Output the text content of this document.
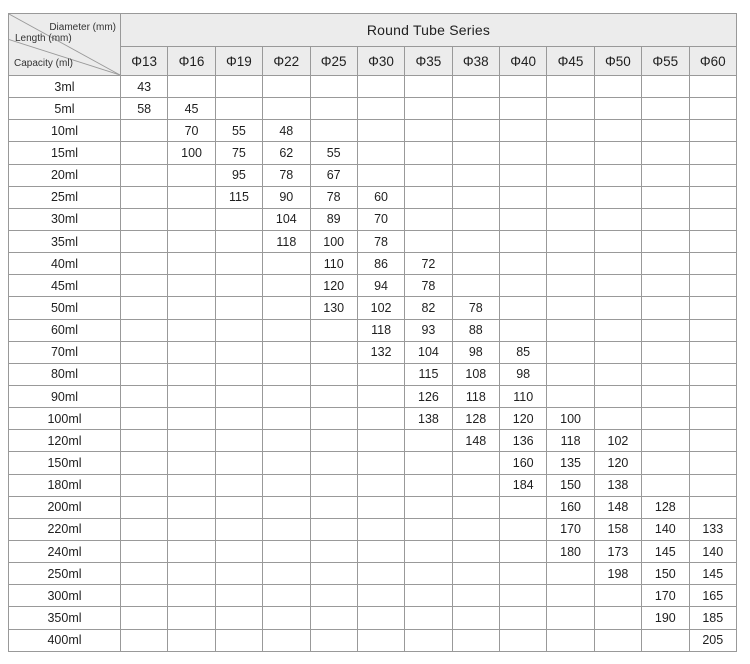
Diameter (mm)
Length (mm)
Capacity (ml)	Round Tube Series												
	Φ13	Φ16	Φ19	Φ22	Φ25	Φ30	Φ35	Φ38	Φ40	Φ45	Φ50	Φ55	Φ60
3ml	43												
5ml	58	45											
10ml		70	55	48									
15ml		100	75	62	55								
20ml			95	78	67								
25ml			115	90	78	60							
30ml				104	89	70							
35ml				118	100	78							
40ml					110	86	72						
45ml					120	94	78						
50ml					130	102	82	78					
60ml						118	93	88					
70ml						132	104	98	85				
80ml							115	108	98				
90ml							126	118	110				
100ml							138	128	120	100			
120ml								148	136	118	102		
150ml									160	135	120		
180ml									184	150	138		
200ml										160	148	128	
220ml										170	158	140	133
240ml										180	173	145	140
250ml											198	150	145
300ml												170	165
350ml												190	185
400ml													205
